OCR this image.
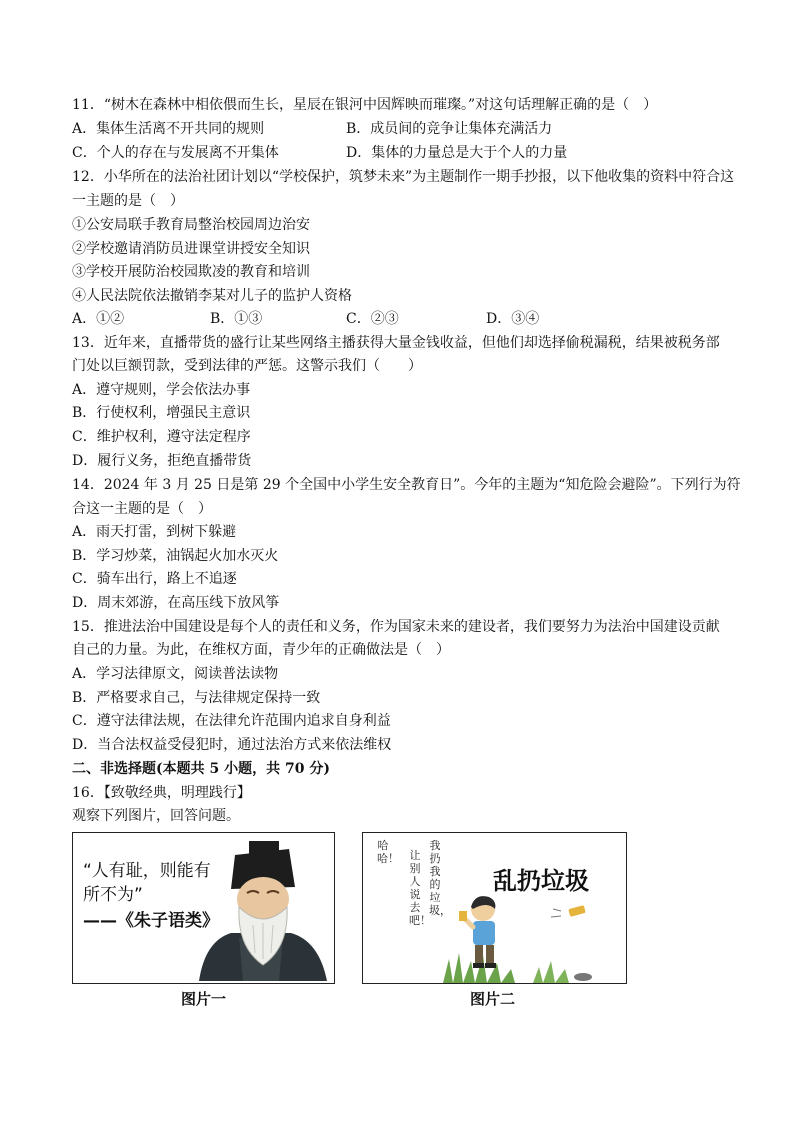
11．“树木在森林中相依偎而生长，星辰在银河中因辉映而璀璨。”对这句话理解正确的是（　）
A．集体生活离不开共同的规则	B．成员间的竞争让集体充满活力
C．个人的存在与发展离不开集体	D．集体的力量总是大于个人的力量
12．小华所在的法治社团计划以“学校保护，筑梦未来”为主题制作一期手抄报，以下他收集的资料中符合这
一主题的是（　）
①公安局联手教育局整治校园周边治安
②学校邀请消防员进课堂讲授安全知识
③学校开展防治校园欺凌的教育和培训
④人民法院依法撤销李某对儿子的监护人资格
A．①②	B．①③	C．②③	D．③④
13．近年来，直播带货的盛行让某些网络主播获得大量金钱收益，但他们却选择偷税漏税，结果被税务部
门处以巨额罚款，受到法律的严惩。这警示我们（　　）
A．遵守规则，学会依法办事
B．行使权利，增强民主意识
C．维护权利，遵守法定程序
D．履行义务，拒绝直播带货
14．2024 年 3 月 25 日是第 29 个全国中小学生安全教育日”。今年的主题为“知危险会避险”。下列行为符
合这一主题的是（　）
A．雨天打雷，到树下躲避
B．学习炒菜，油锅起火加水灭火
C．骑车出行，路上不追逐
D．周末郊游，在高压线下放风筝
15．推进法治中国建设是每个人的责任和义务，作为国家未来的建设者，我们要努力为法治中国建设贡献
自己的力量。为此，在维权方面，青少年的正确做法是（　）
A．学习法律原文，阅读普法读物
B．严格要求自己，与法律规定保持一致
C．遵守法律法规，在法律允许范围内追求自身利益
D．当合法权益受侵犯时，通过法治方式来依法维权
二、非选择题(本题共 5 小题，共 70 分)
16．【致敬经典，明理践行】
观察下列图片，回答问题。
“人有耻，则能有
所不为”
——《朱子语类》
图片一
哈哈！ 让别人说去吧！
我扔我的垃圾，
乱扔垃圾
图片二
